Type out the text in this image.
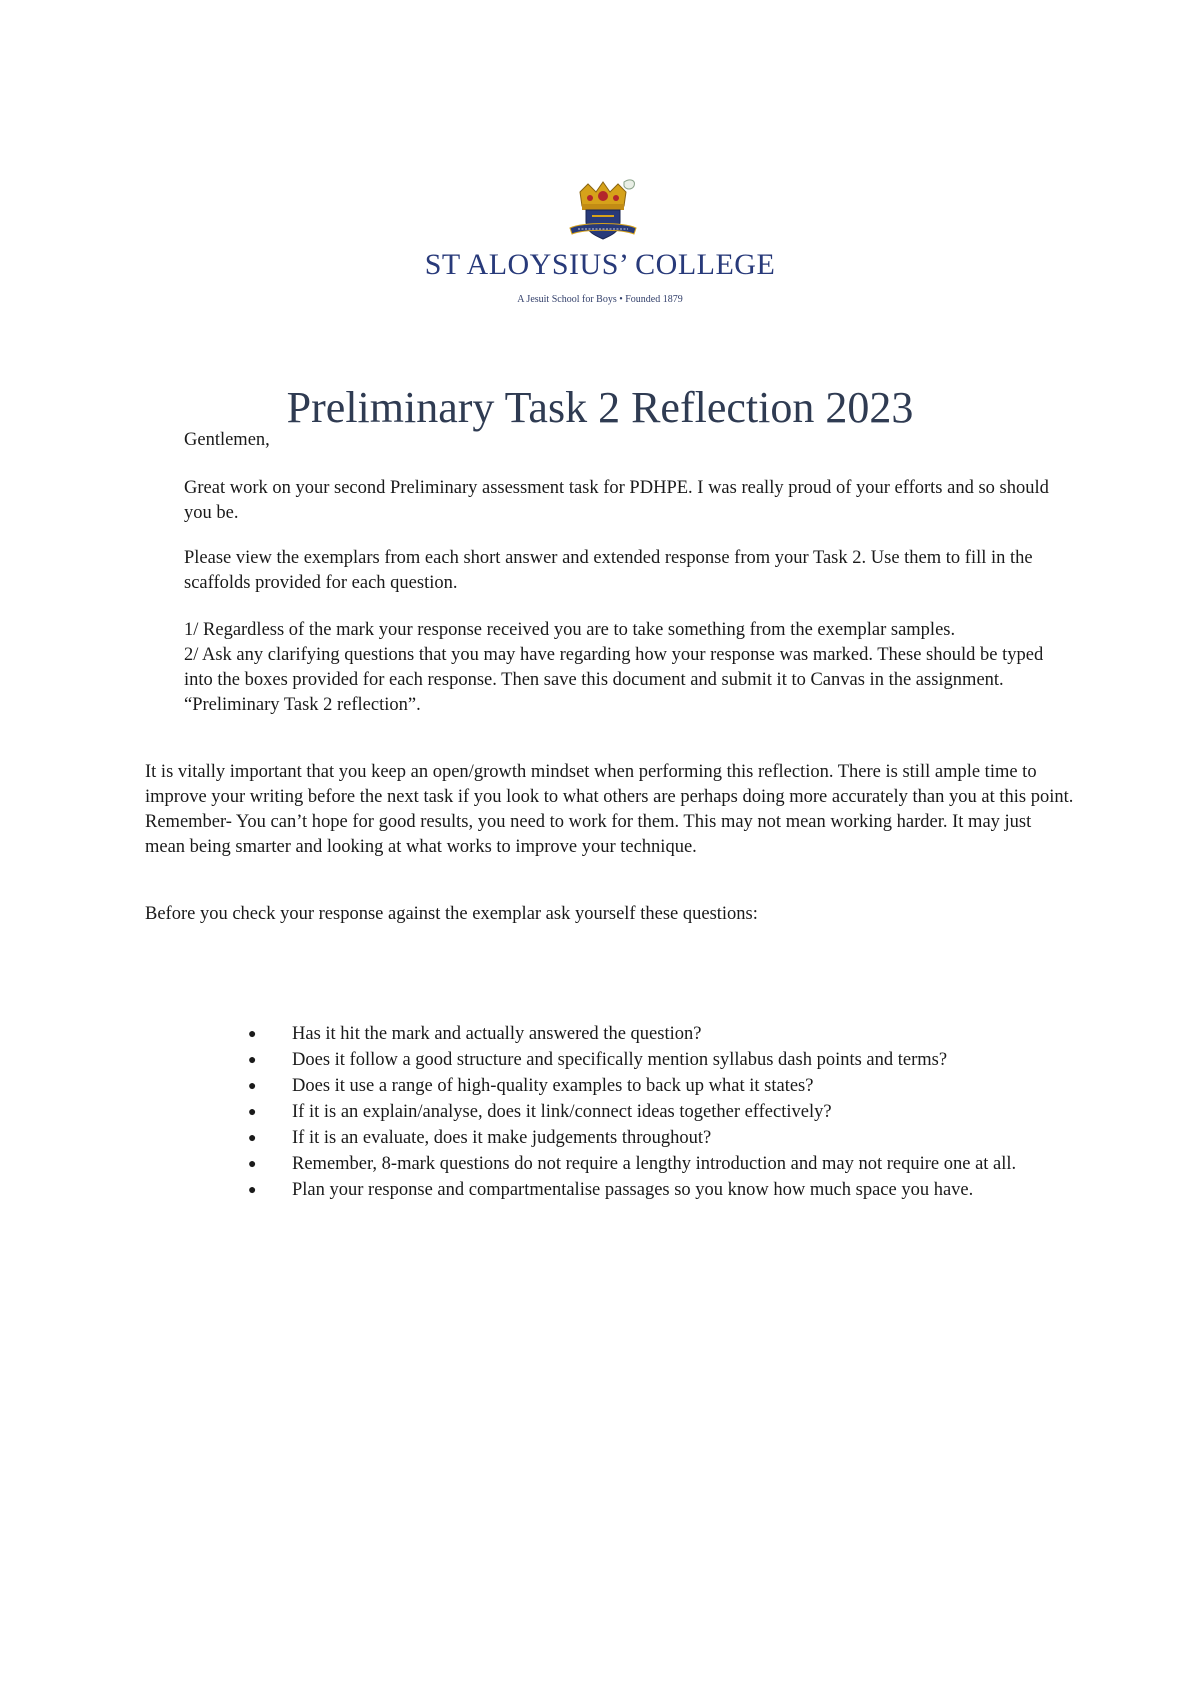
ST ALOYSIUS’ COLLEGE
A Jesuit School for Boys • Founded 1879
Preliminary Task 2 Reflection 2023

Gentlemen,

Great work on your second Preliminary assessment task for PDHPE. I was really proud of your efforts and so should you be.

Please view the exemplars from each short answer and extended response from your Task 2. Use them to fill in the scaffolds provided for each question.

1/ Regardless of the mark your response received you are to take something from the exemplar samples.

2/ Ask any clarifying questions that you may have regarding how your response was marked. These should be typed into the boxes provided for each response. Then save this document and submit it to Canvas in the assignment. “Preliminary Task 2 reflection”.

It is vitally important that you keep an open/growth mindset when performing this reflection. There is still ample time to improve your writing before the next task if you look to what others are perhaps doing more accurately than you at this point.

Remember- You can’t hope for good results, you need to work for them. This may not mean working harder. It may just mean being smarter and looking at what works to improve your technique.

Before you check your response against the exemplar ask yourself these questions:

● Has it hit the mark and actually answered the question?
● Does it follow a good structure and specifically mention syllabus dash points and terms?
● Does it use a range of high-quality examples to back up what it states?
● If it is an explain/analyse, does it link/connect ideas together effectively?
● If it is an evaluate, does it make judgements throughout?
● Remember, 8-mark questions do not require a lengthy introduction and may not require one at all.
● Plan your response and compartmentalise passages so you know how much space you have.
